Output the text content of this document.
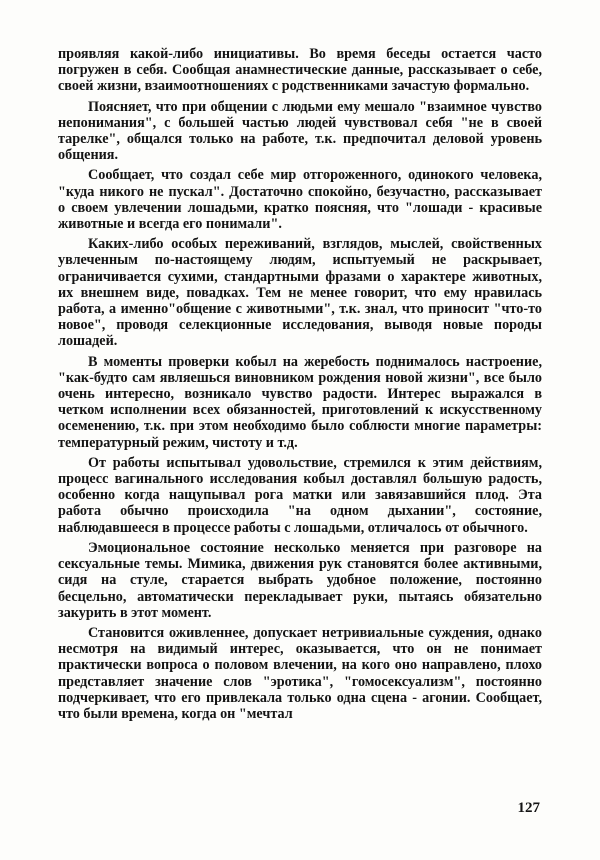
проявляя какой-либо инициативы. Во время беседы остается часто погружен в себя. Сообщая анамнестические данные, рассказывает о себе, своей жизни, взаимоотношениях с родственниками зачастую формально.

Поясняет, что при общении с людьми ему мешало "взаимное чувство непонимания", с большей частью людей чувствовал себя "не в своей тарелке", общался только на работе, т.к. предпочитал деловой уровень общения.

Сообщает, что создал себе мир отгороженного, одинокого человека, "куда никого не пускал". Достаточно спокойно, безучастно, рассказывает о своем увлечении лошадьми, кратко поясняя, что "лошади - красивые животные и всегда его понимали".

Каких-либо особых переживаний, взглядов, мыслей, свойственных увлеченным по-настоящему людям, испытуемый не раскрывает, ограничивается сухими, стандартными фразами о характере животных, их внешнем виде, повадках. Тем не менее говорит, что ему нравилась работа, а именно"общение с животными", т.к. знал, что приносит "что-то новое", проводя селекционные исследования, выводя новые породы лошадей.

В моменты проверки кобыл на жеребость поднималось настроение, "как-будто сам являешься виновником рождения новой жизни", все было очень интересно, возникало чувство радости. Интерес выражался в четком исполнении всех обязанностей, приготовлений к искусственному осеменению, т.к. при этом необходимо было соблюсти многие параметры: температурный режим, чистоту и т.д.

От работы испытывал удовольствие, стремился к этим действиям, процесс вагинального исследования кобыл доставлял большую радость, особенно когда нащупывал рога матки или завязавшийся плод. Эта работа обычно происходила "на одном дыхании", состояние, наблюдавшееся в процессе работы с лошадьми, отличалось от обычного.

Эмоциональное состояние несколько меняется при разговоре на сексуальные темы. Мимика, движения рук становятся более активными, сидя на стуле, старается выбрать удобное положение, постоянно бесцельно, автоматически перекладывает руки, пытаясь обязательно закурить в этот момент.

Становится оживленнее, допускает нетривиальные суждения, однако несмотря на видимый интерес, оказывается, что он не понимает практически вопроса о половом влечении, на кого оно направлено, плохо представляет значение слов "эротика", "гомосексуализм", постоянно подчеркивает, что его привлекала только одна сцена - агонии. Сообщает, что были времена, когда он "мечтал

127
